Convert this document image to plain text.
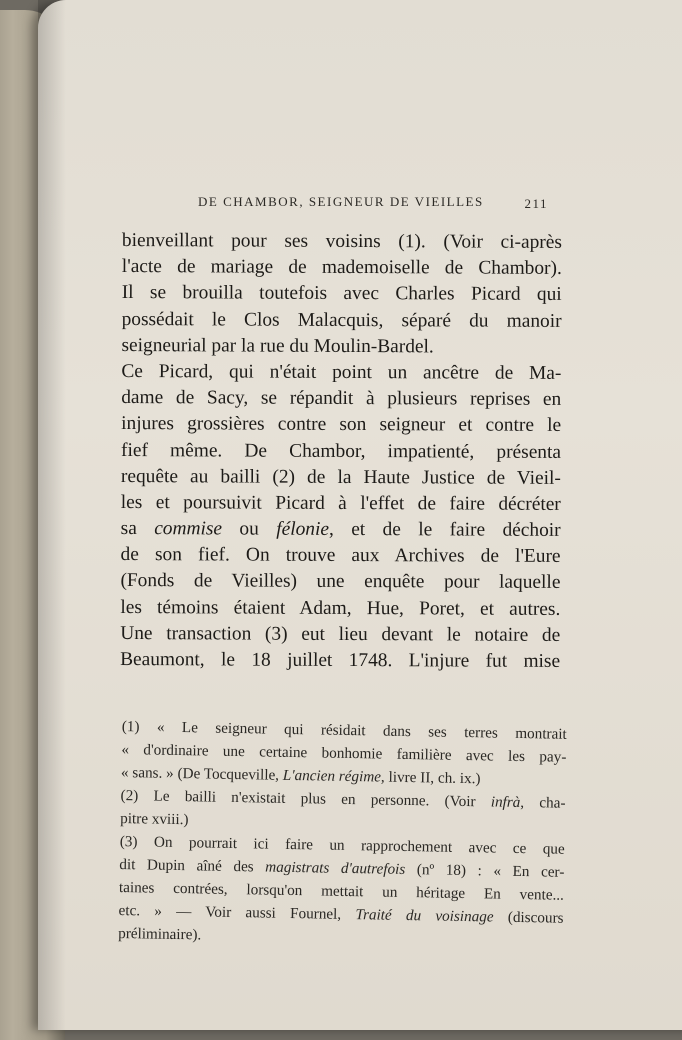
DE CHAMBOR, SEIGNEUR DE VIEILLES	211
bienveillant pour ses voisins (1). (Voir ci-après
l'acte de mariage de mademoiselle de Chambor).
Il se brouilla toutefois avec Charles Picard qui
possédait le Clos Malacquis, séparé du manoir
seigneurial par la rue du Moulin-Bardel.
Ce Picard, qui n'était point un ancêtre de Ma-
dame de Sacy, se répandit à plusieurs reprises en
injures grossières contre son seigneur et contre le
fief même. De Chambor, impatienté, présenta
requête au bailli (2) de la Haute Justice de Vieil-
les et poursuivit Picard à l'effet de faire décréter
sa commise ou félonie, et de le faire déchoir
de son fief. On trouve aux Archives de l'Eure
(Fonds de Vieilles) une enquête pour laquelle
les témoins étaient Adam, Hue, Poret, et autres.
Une transaction (3) eut lieu devant le notaire de
Beaumont, le 18 juillet 1748. L'injure fut mise
(1) « Le seigneur qui résidait dans ses terres montrait
« d'ordinaire une certaine bonhomie familière avec les pay-
« sans. » (De Tocqueville, L'ancien régime, livre II, ch. ix.)
(2) Le bailli n'existait plus en personne. (Voir infrà, cha-
pitre xviii.)
(3) On pourrait ici faire un rapprochement avec ce que
dit Dupin aîné des magistrats d'autrefois (nº 18) : « En cer-
taines contrées, lorsqu'on mettait un héritage En vente...
etc. » — Voir aussi Fournel, Traité du voisinage (discours
préliminaire).
